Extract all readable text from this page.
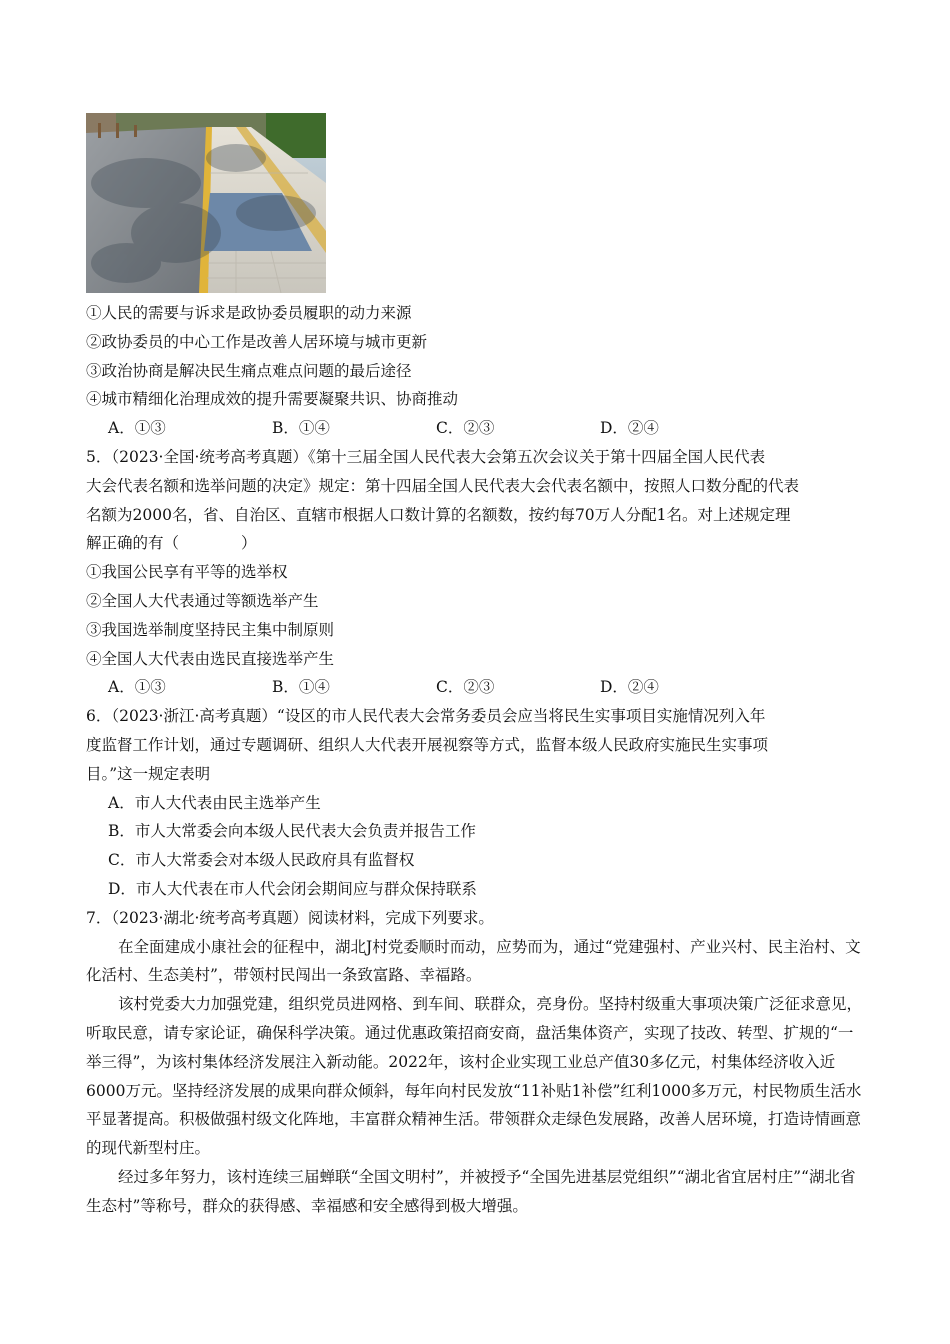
①人民的需要与诉求是政协委员履职的动力来源
②政协委员的中心工作是改善人居环境与城市更新
③政治协商是解决民生痛点难点问题的最后途径
④城市精细化治理成效的提升需要凝聚共识、协商推动
A．①③	B．①④	C．②③	D．②④
5．（2023·全国·统考高考真题）《第十三届全国人民代表大会第五次会议关于第十四届全国人民代表
大会代表名额和选举问题的决定》规定：第十四届全国人民代表大会代表名额中，按照人口数分配的代表
名额为2000名，省、自治区、直辖市根据人口数计算的名额数，按约每70万人分配1名。对上述规定理
解正确的有（　　　　）
①我国公民享有平等的选举权
②全国人大代表通过等额选举产生
③我国选举制度坚持民主集中制原则
④全国人大代表由选民直接选举产生
A．①③	B．①④	C．②③	D．②④
6．（2023·浙江·高考真题）“设区的市人民代表大会常务委员会应当将民生实事项目实施情况列入年
度监督工作计划，通过专题调研、组织人大代表开展视察等方式，监督本级人民政府实施民生实事项
目。”这一规定表明
A．市人大代表由民主选举产生
B．市人大常委会向本级人民代表大会负责并报告工作
C．市人大常委会对本级人民政府具有监督权
D．市人大代表在市人代会闭会期间应与群众保持联系
7．（2023·湖北·统考高考真题）阅读材料，完成下列要求。
在全面建成小康社会的征程中，湖北J村党委顺时而动，应势而为，通过“党建强村、产业兴村、民主治村、文化活村、生态美村”，带领村民闯出一条致富路、幸福路。
该村党委大力加强党建，组织党员进网格、到车间、联群众，亮身份。坚持村级重大事项决策广泛征求意见，听取民意，请专家论证，确保科学决策。通过优惠政策招商安商，盘活集体资产，实现了技改、转型、扩规的“一举三得”，为该村集体经济发展注入新动能。2022年，该村企业实现工业总产值30多亿元，村集体经济收入近6000万元。坚持经济发展的成果向群众倾斜，每年向村民发放“11补贴1补偿”红利1000多万元，村民物质生活水平显著提高。积极做强村级文化阵地，丰富群众精神生活。带领群众走绿色发展路，改善人居环境，打造诗情画意的现代新型村庄。
经过多年努力，该村连续三届蝉联“全国文明村”，并被授予“全国先进基层党组织”“湖北省宜居村庄”“湖北省生态村”等称号，群众的获得感、幸福感和安全感得到极大增强。
